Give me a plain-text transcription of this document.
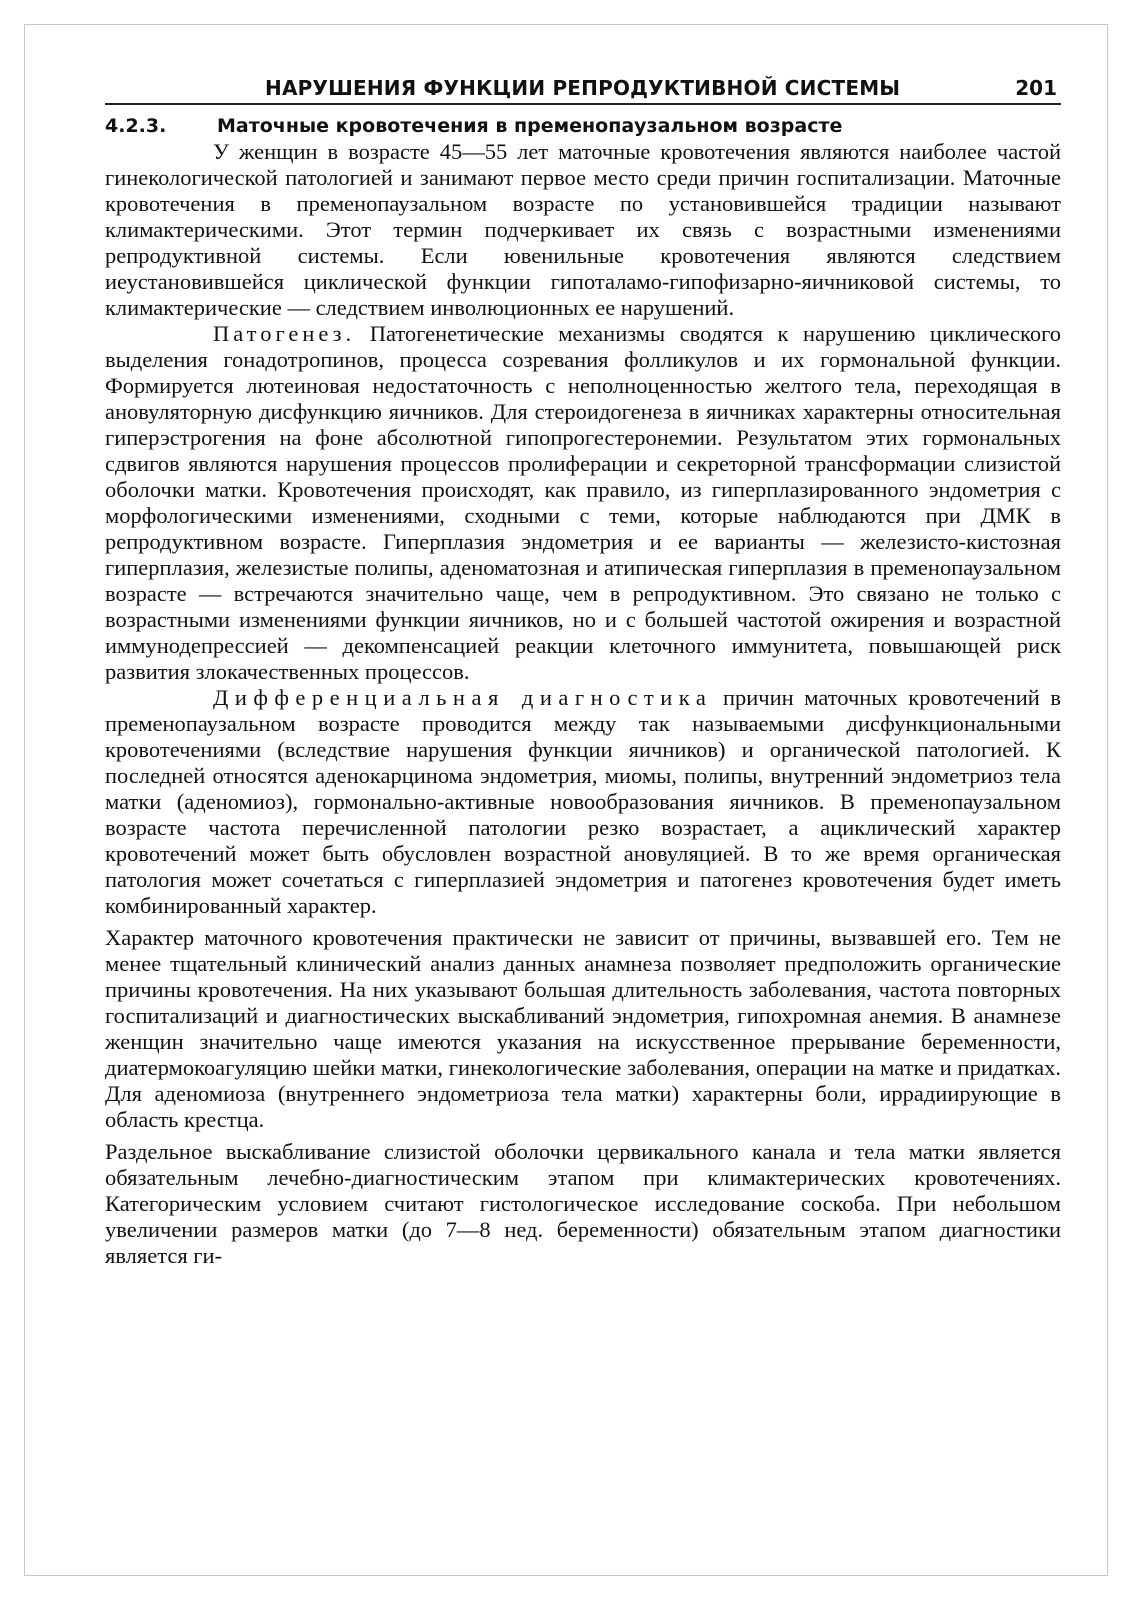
НАРУШЕНИЯ ФУНКЦИИ РЕПРОДУКТИВНОЙ СИСТЕМЫ	201
4.2.3.	Маточные кровотечения в пременопаузальном возрасте

У женщин в возрасте 45—55 лет маточные кровотечения являются наиболее частой гинекологической патологией и занимают первое место среди причин госпитализации. Маточные кровотечения в пременопаузальном возрасте по установившейся традиции называют климактерическими. Этот термин подчеркивает их связь с возрастными изменениями репродуктивной системы. Если ювенильные кровотечения являются следствием иеустановившейся циклической функции гипоталамо-гипофизарно-яичниковой системы, то климактерические — следствием инволюционных ее нарушений.

Патогенез. Патогенетические механизмы сводятся к нарушению циклического выделения гонадотропинов, процесса созревания фолликулов и их гормональной функции. Формируется лютеиновая недостаточность с неполноценностью желтого тела, переходящая в ановуляторную дисфункцию яичников. Для стероидогенеза в яичниках характерны относительная гиперэстрогения на фоне абсолютной гипопрогестеронемии. Результатом этих гормональных сдвигов являются нарушения процессов пролиферации и секреторной трансформации слизистой оболочки матки. Кровотечения происходят, как правило, из гиперплазированного эндометрия с морфологическими изменениями, сходными с теми, которые наблюдаются при ДМК в репродуктивном возрасте. Гиперплазия эндометрия и ее варианты — железисто-кистозная гиперплазия, железистые полипы, аденоматозная и атипическая гиперплазия в пременопаузальном возрасте — встречаются значительно чаще, чем в репродуктивном. Это связано не только с возрастными изменениями функции яичников, но и с большей частотой ожирения и возрастной иммунодепрессией — декомпенсацией реакции клеточного иммунитета, повышающей риск развития злокачественных процессов.

Дифференциальная диагностика причин маточных кровотечений в пременопаузальном возрасте проводится между так называемыми дисфункциональными кровотечениями (вследствие нарушения функции яичников) и органической патологией. К последней относятся аденокарцинома эндометрия, миомы, полипы, внутренний эндометриоз тела матки (аденомиоз), гормонально-активные новообразования яичников. В пременопаузальном возрасте частота перечисленной патологии резко возрастает, а ациклический характер кровотечений может быть обусловлен возрастной ановуляцией. В то же время органическая патология может сочетаться с гиперплазией эндометрия и патогенез кровотечения будет иметь комбинированный характер.

Характер маточного кровотечения практически не зависит от причины, вызвавшей его. Тем не менее тщательный клинический анализ данных анамнеза позволяет предположить органические причины кровотечения. На них указывают большая длительность заболевания, частота повторных госпитализаций и диагностических выскабливаний эндометрия, гипохромная анемия. В анамнезе женщин значительно чаще имеются указания на искусственное прерывание беременности, диатермокоагуляцию шейки матки, гинекологические заболевания, операции на матке и придатках. Для аденомиоза (внутреннего эндометриоза тела матки) характерны боли, иррадиирующие в область крестца.

Раздельное выскабливание слизистой оболочки цервикального канала и тела матки является обязательным лечебно-диагностическим этапом при климактерических кровотечениях. Категорическим условием считают гистологическое исследование соскоба. При небольшом увеличении размеров матки (до 7—8 нед. беременности) обязательным этапом диагностики является ги-
